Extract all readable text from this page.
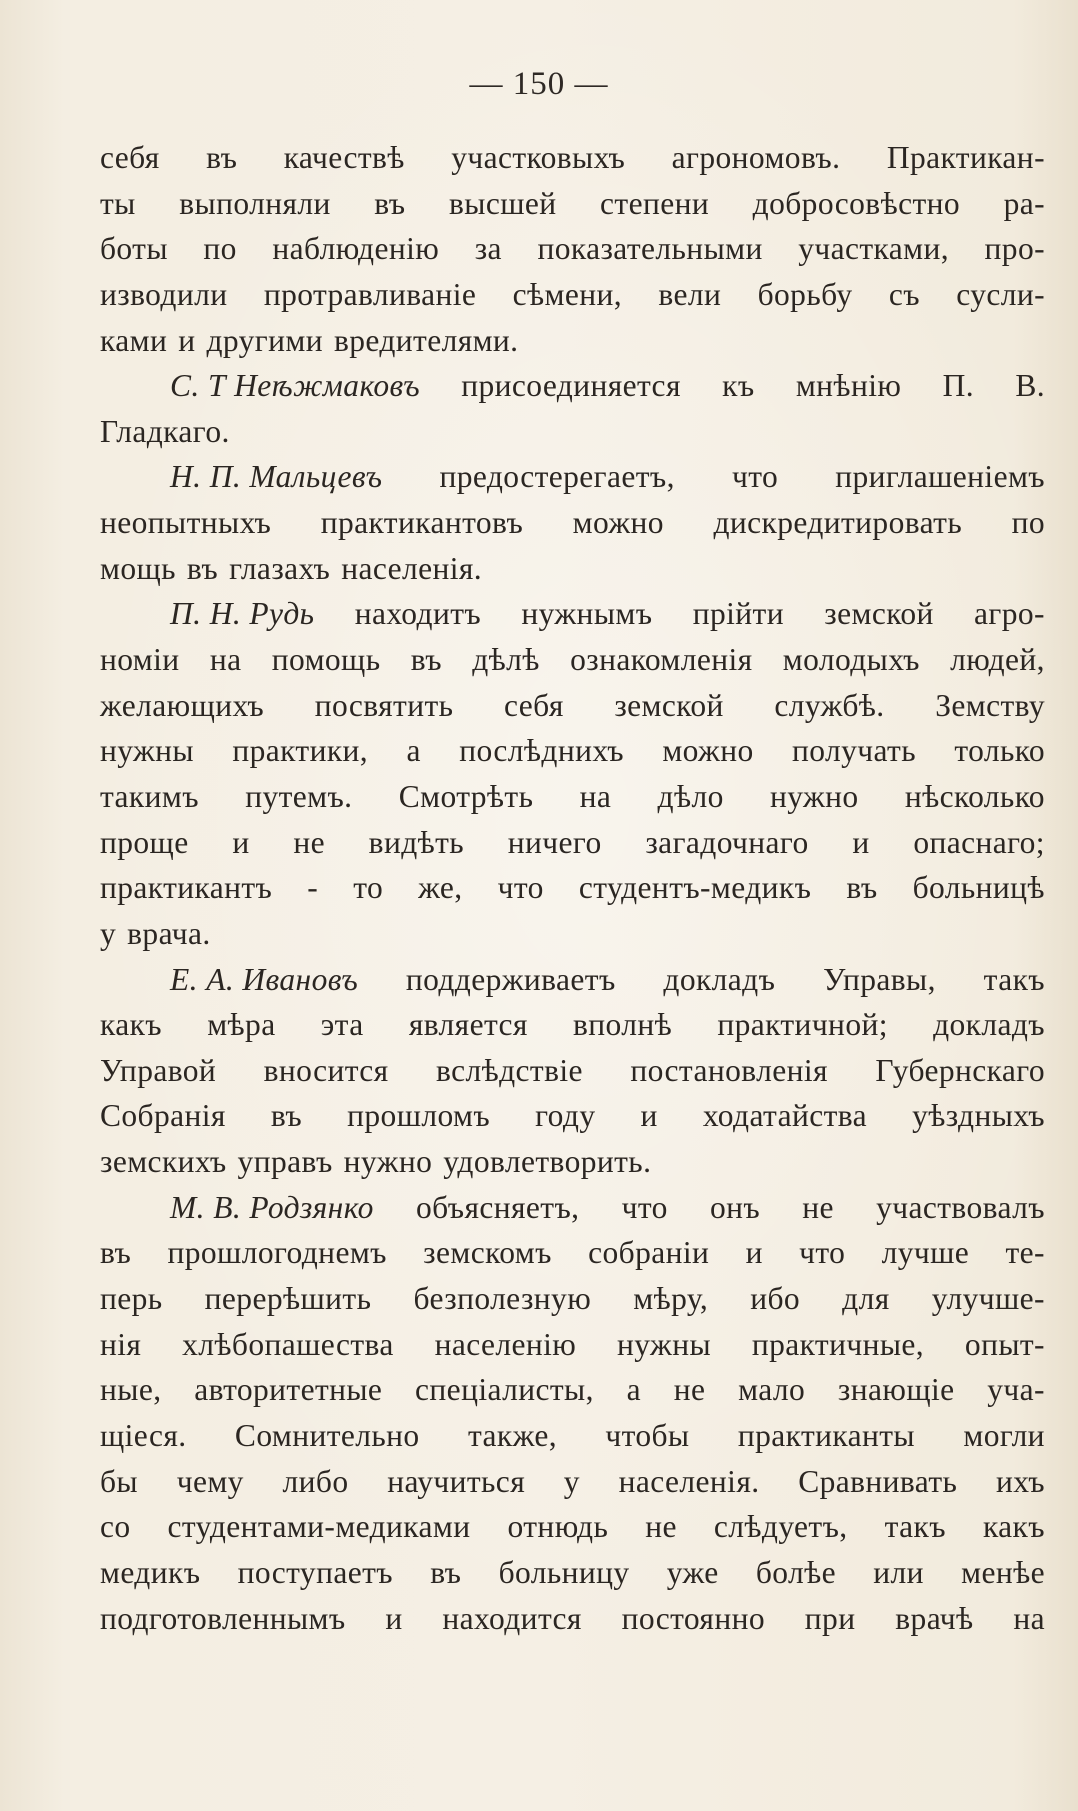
— 150 —
себя въ качествѣ участковыхъ агрономовъ. Практикан-
ты выполняли въ высшей степени добросовѣстно ра-
боты по наблюденію за показательными участками, про-
изводили протравливаніе сѣмени, вели борьбу съ сусли-
ками и другими вредителями.
С. Т Неѣжмаковъ присоединяется къ мнѣнію П. В.
Гладкаго.
Н. П. Мальцевъ предостерегаетъ, что приглашеніемъ
неопытныхъ практикантовъ можно дискредитировать по
мощь въ глазахъ населенія.
П. Н. Рудь находитъ нужнымъ прійти земской агро-
номіи на помощь въ дѣлѣ ознакомленія молодыхъ людей,
желающихъ посвятить себя земской службѣ. Земству
нужны практики, а послѣднихъ можно получать только
такимъ путемъ. Смотрѣть на дѣло нужно нѣсколько
проще и не видѣть ничего загадочнаго и опаснаго;
практикантъ - то же, что студентъ-медикъ въ больницѣ
у врача.
Е. А. Ивановъ поддерживаетъ докладъ Управы, такъ
какъ мѣра эта является вполнѣ практичной; докладъ
Управой вносится вслѣдствіе постановленія Губернскаго
Собранія въ прошломъ году и ходатайства уѣздныхъ
земскихъ управъ нужно удовлетворить.
М. В. Родзянко объясняетъ, что онъ не участвовалъ
въ прошлогоднемъ земскомъ собраніи и что лучше те-
перь перерѣшить безполезную мѣру, ибо для улучше-
нія хлѣбопашества населенію нужны практичные, опыт-
ные, авторитетные спеціалисты, а не мало знающіе уча-
щіеся. Сомнительно также, чтобы практиканты могли
бы чему либо научиться у населенія. Сравнивать ихъ
со студентами-медиками отнюдь не слѣдуетъ, такъ какъ
медикъ поступаетъ въ больницу уже болѣе или менѣе
подготовленнымъ и находится постоянно при врачѣ на
